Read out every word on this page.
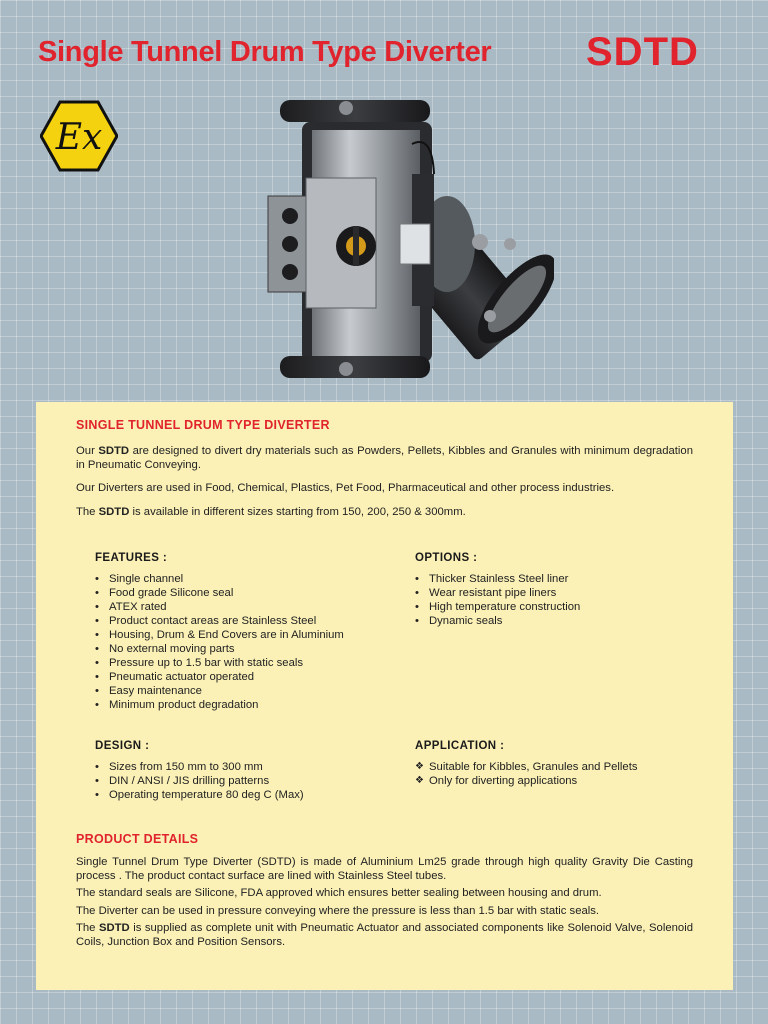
Single Tunnel Drum Type Diverter SDTD
Ex
SINGLE TUNNEL DRUM TYPE DIVERTER

Our SDTD are designed to divert dry materials such as Powders, Pellets, Kibbles and Granules with minimum degradation in Pneumatic Conveying.

Our Diverters are used in Food, Chemical, Plastics, Pet Food, Pharmaceutical and other process industries.

The SDTD is available in different sizes starting from 150, 200, 250 & 300mm.

FEATURES :
• Single channel
• Food grade Silicone seal
• ATEX rated
• Product contact areas are Stainless Steel
• Housing, Drum & End Covers are in Aluminium
• No external moving parts
• Pressure up to 1.5 bar with static seals
• Pneumatic actuator operated
• Easy maintenance
• Minimum product degradation
OPTIONS :
• Thicker Stainless Steel liner
• Wear resistant pipe liners
• High temperature construction
• Dynamic seals
DESIGN :
• Sizes from 150 mm to 300 mm
• DIN / ANSI / JIS drilling patterns
• Operating temperature 80 deg C (Max)
APPLICATION :
❖ Suitable for Kibbles, Granules and Pellets
❖ Only for diverting applications
PRODUCT DETAILS

Single Tunnel Drum Type Diverter (SDTD) is made of Aluminium Lm25 grade through high quality Gravity Die Casting process . The product contact surface are lined with Stainless Steel tubes.

The standard seals are Silicone, FDA approved which ensures better sealing between housing and drum.

The Diverter can be used in pressure conveying where the pressure is less than 1.5 bar with static seals.

The SDTD is supplied as complete unit with Pneumatic Actuator and associated components like Solenoid Valve, Solenoid Coils, Junction Box and Position Sensors.
